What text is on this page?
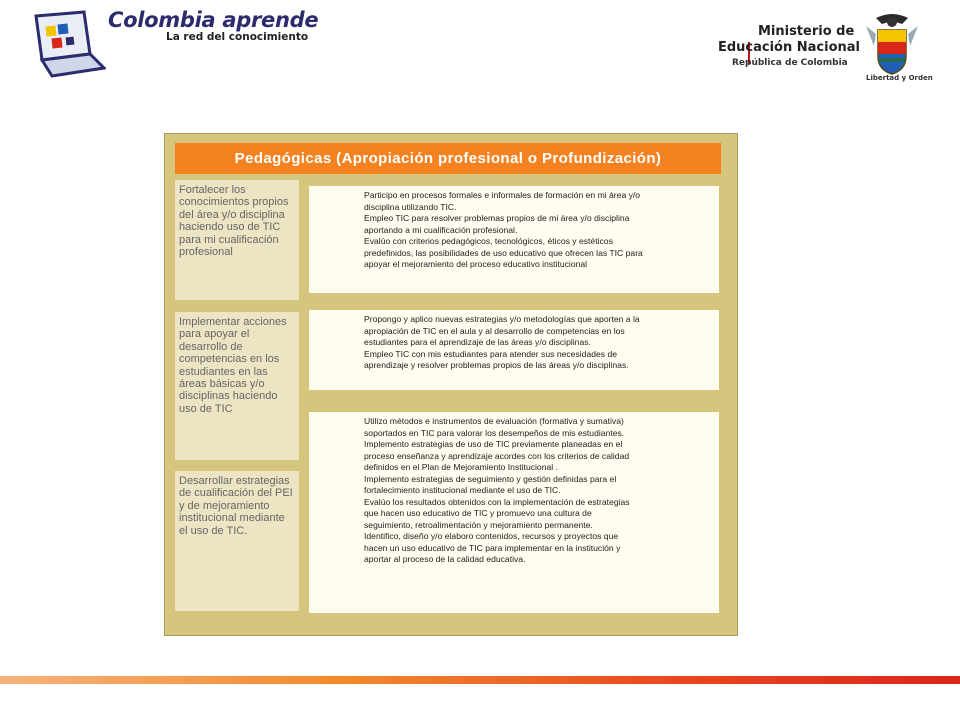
Colombia aprende
La red del conocimiento	Ministerio de
Educación Nacional
República de Colombia
Libertad y Orden
Pedagógicas (Apropiación profesional o Profundización)
Fortalecer los conocimientos propios del área y/o disciplina haciendo uso de TIC para mi cualificación profesional
Participo en procesos formales e informales de formación en mi área y/o
disciplina utilizando TIC.
Empleo TIC para resolver problemas propios de mi área y/o disciplina
aportando a mi cualificación profesional.
Evalúo con criterios pedagógicos, tecnológicos, éticos y estéticos
predefinidos, las posibilidades de uso educativo que ofrecen las TIC para
apoyar el mejoramiento del proceso educativo institucional
Implementar acciones para apoyar el desarrollo de competencias en los estudiantes en las áreas básicas y/o disciplinas haciendo uso de TIC
Propongo y aplico nuevas estrategias y/o metodologías que aporten a la
apropiación de TIC en el aula y al desarrollo de competencias en los
estudiantes para el aprendizaje de las áreas y/o disciplinas.
Empleo TIC con mis estudiantes para atender sus necesidades de
aprendizaje y resolver problemas propios de las áreas y/o disciplinas.
Desarrollar estrategias de cualificación del PEI y de mejoramiento institucional mediante el uso de TIC.
Utilizo métodos e instrumentos de evaluación (formativa y sumativa)
soportados en TIC para valorar los desempeños de mis estudiantes.
Implemento estrategias de uso de TIC previamente planeadas en el
proceso enseñanza y aprendizaje acordes con los criterios de calidad
definidos en el Plan de Mejoramiento Institucional .
Implemento estrategias de seguimiento y gestión definidas para el
fortalecimiento institucional mediante el uso de TIC.
Evalúo los resultados obtenidos con la implementación de estrategias
que hacen uso educativo de TIC y promuevo una cultura de
seguimiento, retroalimentación y mejoramiento permanente.
Identifico, diseño y/o elaboro contenidos, recursos y proyectos que
hacen un uso educativo de TIC para implementar en la institución y
aportar al proceso de la calidad educativa.
